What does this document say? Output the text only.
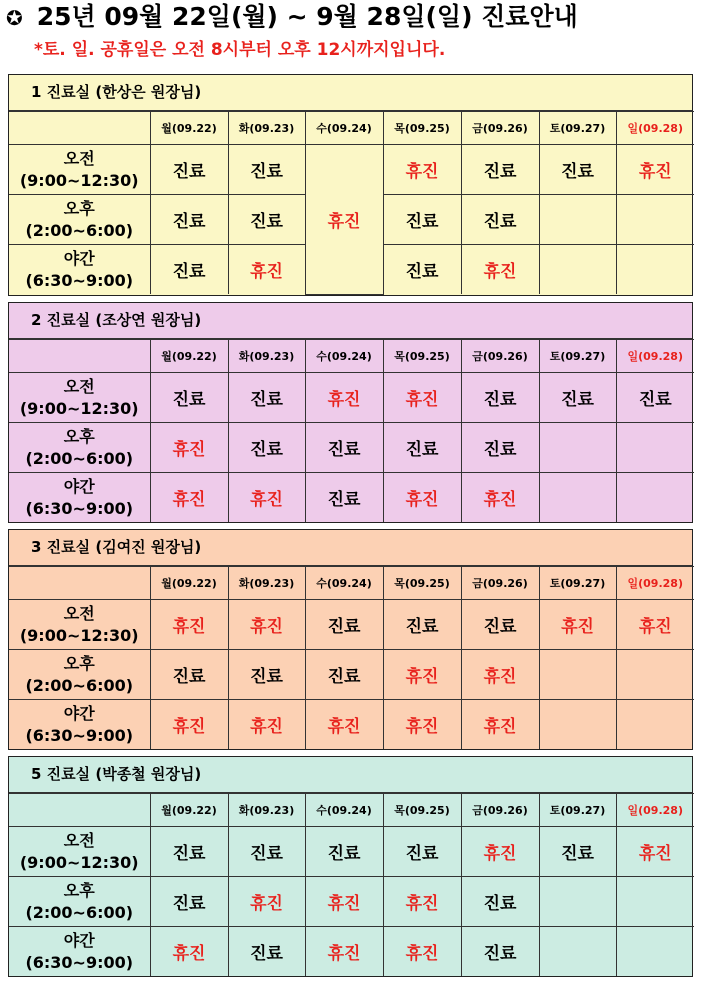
✪ 25년 09월 22일(월) ~ 9월 28일(일) 진료안내
*토. 일. 공휴일은 오전 8시부터 오후 12시까지입니다.
1 진료실 (한상은 원장님)
	월(09.22)	화(09.23)	수(09.24)	목(09.25)	금(09.26)	토(09.27)	일(09.28)

오전
(9:00~12:30)	진료	진료	휴진	휴진	진료	진료	휴진

오후
(2:00~6:00)	진료	진료		진료	진료		

야간
(6:30~9:00)	진료	휴진		진료	휴진		
2 진료실 (조상연 원장님)
	월(09.22)	화(09.23)	수(09.24)	목(09.25)	금(09.26)	토(09.27)	일(09.28)

오전
(9:00~12:30)	진료	진료	휴진	휴진	진료	진료	진료

오후
(2:00~6:00)	휴진	진료	진료	진료	진료		

야간
(6:30~9:00)	휴진	휴진	진료	휴진	휴진		
3 진료실 (김여진 원장님)
	월(09.22)	화(09.23)	수(09.24)	목(09.25)	금(09.26)	토(09.27)	일(09.28)

오전
(9:00~12:30)	휴진	휴진	진료	진료	진료	휴진	휴진

오후
(2:00~6:00)	진료	진료	진료	휴진	휴진		

야간
(6:30~9:00)	휴진	휴진	휴진	휴진	휴진		
5 진료실 (박종철 원장님)
	월(09.22)	화(09.23)	수(09.24)	목(09.25)	금(09.26)	토(09.27)	일(09.28)

오전
(9:00~12:30)	진료	진료	진료	진료	휴진	진료	휴진

오후
(2:00~6:00)	진료	휴진	휴진	휴진	진료		

야간
(6:30~9:00)	휴진	진료	휴진	휴진	진료		
